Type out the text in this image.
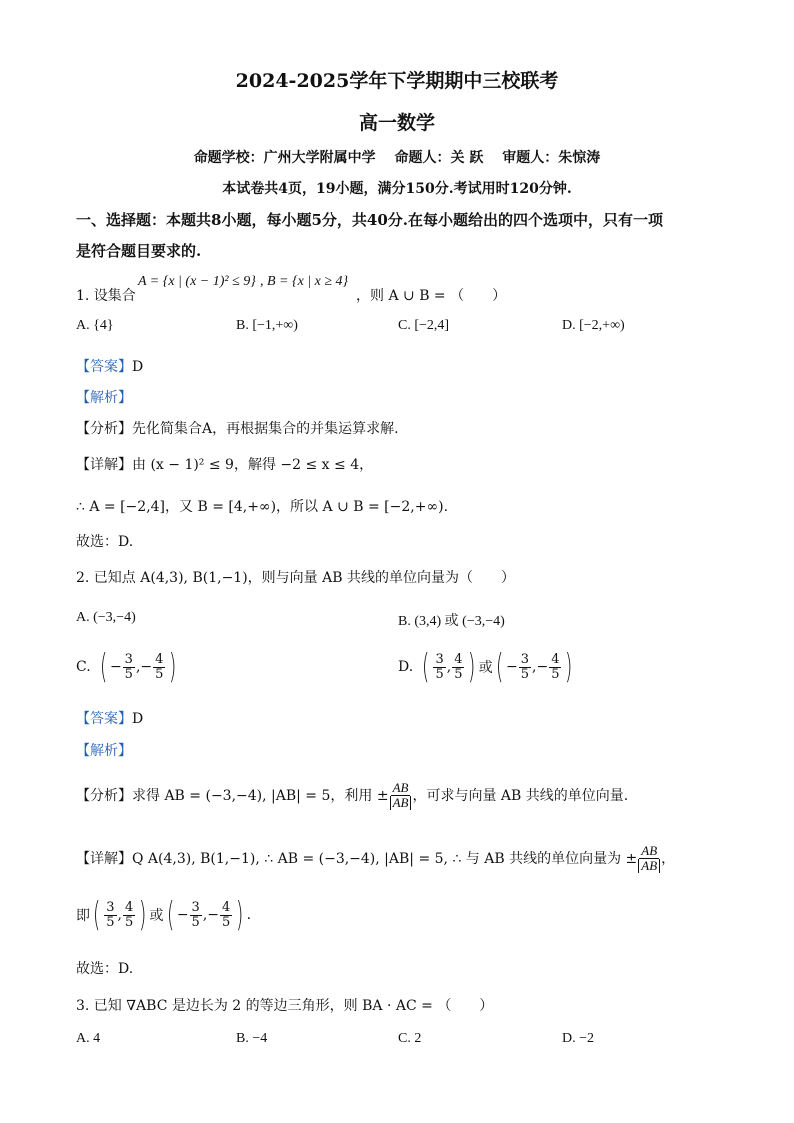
2024-2025学年下学期期中三校联考
高一数学
命题学校：广州大学附属中学　 命题人：关 跃　 审题人：朱惊涛
本试卷共4页，19小题，满分150分.考试用时120分钟.
一、选择题：本题共8小题，每小题5分，共40分.在每小题给出的四个选项中，只有一项
是符合题目要求的.
1. 设集合
A = {x | (x − 1)² ≤ 9} , B = {x | x ≥ 4}
，则 A ∪ B = （　　）
A. {4}	B. [−1,+∞)	C. [−2,4]	D. [−2,+∞)
【答案】D
【解析】
【分析】先化简集合A，再根据集合的并集运算求解.
【详解】由 (x − 1)² ≤ 9，解得 −2 ≤ x ≤ 4，
∴ A = [−2,4]，又 B = [4,+∞)，所以 A ∪ B = [−2,+∞).
故选：D.
2. 已知点 A(4,3), B(1,−1)，则与向量 AB 共线的单位向量为（　　）
A. (−3,−4)	B. (3,4) 或 (−3,−4)
C. ( − $\frac{3}{5}$ , − $\frac{4}{5}$ )	D. ( $\frac{3}{5}$ , $\frac{4}{5}$ ) 或 ( − $\frac{3}{5}$ , − $\frac{4}{5}$ )
【答案】D
【解析】
【分析】 求得 AB = (−3,−4), |AB| = 5，利用 ± $\frac{AB}{AB}$ ，可求与向量 AB 共线的单位向量.
【详解】 Q A(4,3), B(1,−1), ∴ AB = (−3,−4), |AB| = 5, ∴ 与 AB 共线的单位向量为 ± $\frac{AB}{AB}$ ，
即 ( $\frac{3}{5}$ , $\frac{4}{5}$ ) 或 ( − $\frac{3}{5}$ , − $\frac{4}{5}$ ) .
故选：D.
3. 已知 ∇ABC 是边长为 2 的等边三角形，则 BA · AC = （　　）
A. 4	B. −4	C. 2	D. −2
